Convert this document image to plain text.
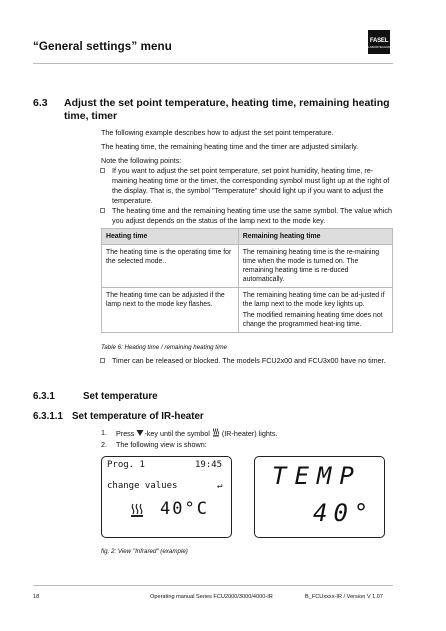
“General settings” menu	FASEL
LABORTECHNIK
6.3 Adjust the set point temperature, heating time, remaining heating time, timer
The following example describes how to adjust the set point temperature.
The heating time, the remaining heating time and the timer are adjusted similarly.
Note the following points:
If you want to adjust the set point temperature, set point humidity, heating time, re-maining heating time or the timer, the corresponding symbol must light up at the right of the display. That is, the symbol "Temperature" should light up if you want to adjust the temperature.
The heating time and the remaining heating time use the same symbol. The value which you adjust depends on the status of the lamp next to the mode key.
Heating time	Remaining heating time
The heating time is the operating time for the selected mode..	The remaining heating time is the re-maining time when the mode is turned on. The remaining heating time is re-duced automatically.
The heating time can be adjusted if the lamp next to the mode key flashes.	The remaining heating time can be ad-justed if the lamp next to the mode key lights up.
The modified remaining heating time does not change the programmed heat-ing time.
Table 6: Heating time / remaining heating time
Timer can be released or blocked. The models FCU2x00 and FCU3x00 have no timer.
6.3.1	Set temperature
6.3.1.1 Set temperature of IR-heater
1. Press -key until the symbol (IR-heater) lights.
2. The following view is shown:
Prog. 1	19:45
change values	↵
40°C
TEMP
40°
fig. 2: View "Infrared" (example)
18	Operating manual Series FCU2000/3000/4000-IR	B_FCUxxxx-IR / Version V 1.07
